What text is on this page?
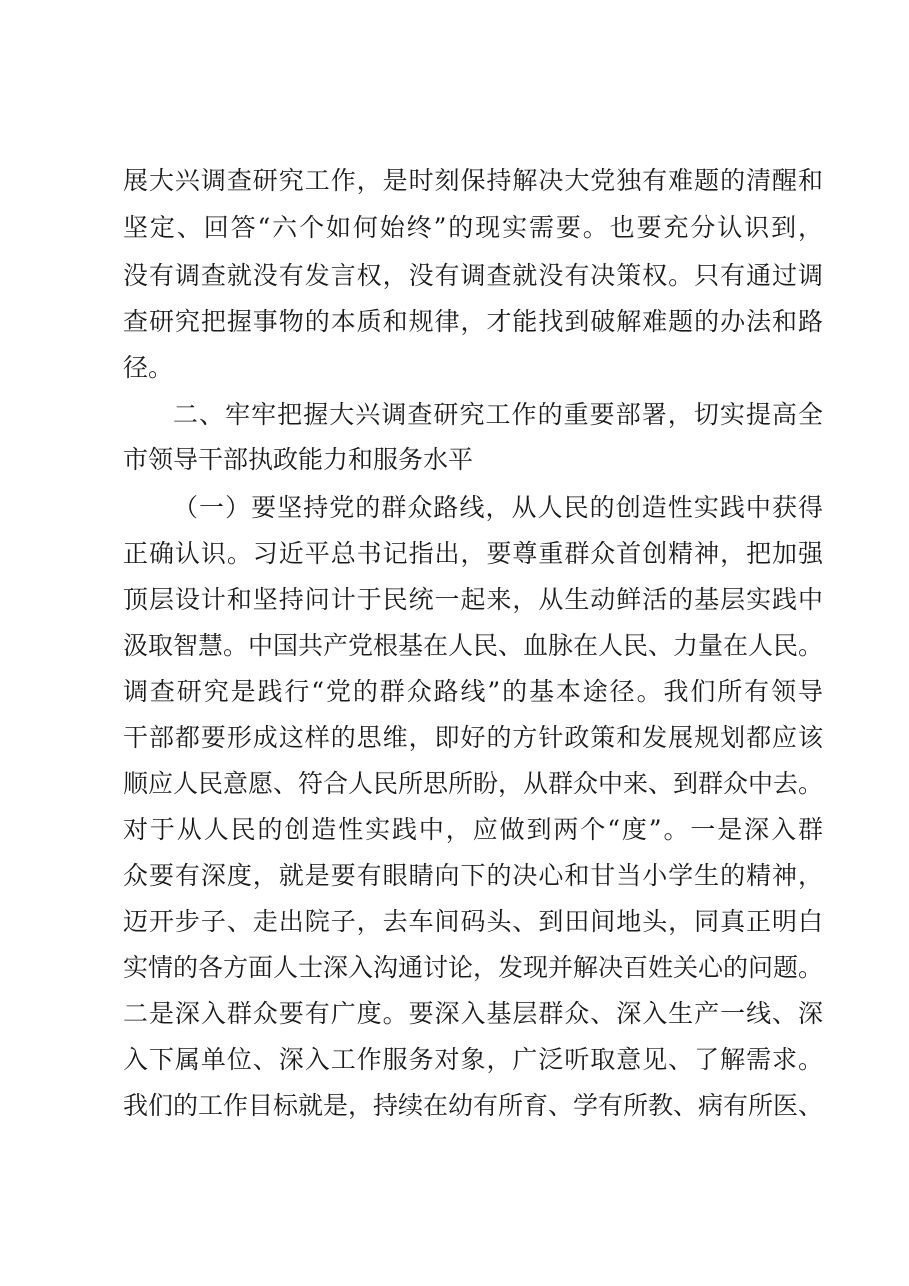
展大兴调查研究工作，是时刻保持解决大党独有难题的清醒和
坚定、回答“六个如何始终”的现实需要。也要充分认识到，
没有调查就没有发言权，没有调查就没有决策权。只有通过调
查研究把握事物的本质和规律，才能找到破解难题的办法和路
径。
二、牢牢把握大兴调查研究工作的重要部署，切实提高全
市领导干部执政能力和服务水平
（一）要坚持党的群众路线，从人民的创造性实践中获得
正确认识。习近平总书记指出，要尊重群众首创精神，把加强
顶层设计和坚持问计于民统一起来，从生动鲜活的基层实践中
汲取智慧。中国共产党根基在人民、血脉在人民、力量在人民。
调查研究是践行“党的群众路线”的基本途径。我们所有领导
干部都要形成这样的思维，即好的方针政策和发展规划都应该
顺应人民意愿、符合人民所思所盼，从群众中来、到群众中去。
对于从人民的创造性实践中，应做到两个“度”。一是深入群
众要有深度，就是要有眼睛向下的决心和甘当小学生的精神，
迈开步子、走出院子，去车间码头、到田间地头，同真正明白
实情的各方面人士深入沟通讨论，发现并解决百姓关心的问题。
二是深入群众要有广度。要深入基层群众、深入生产一线、深
入下属单位、深入工作服务对象，广泛听取意见、了解需求。
我们的工作目标就是，持续在幼有所育、学有所教、病有所医、
